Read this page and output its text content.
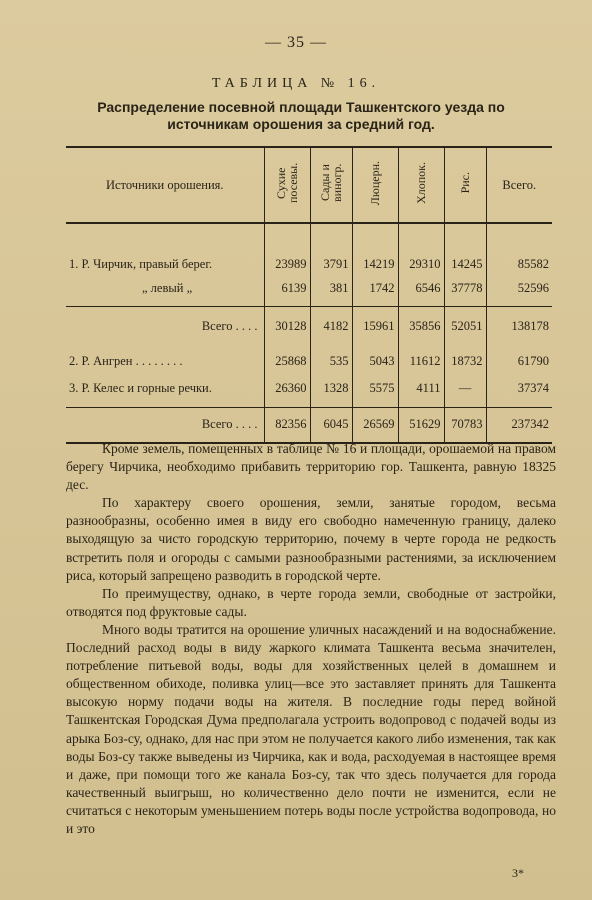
— 35 —
ТАБЛИЦА № 16.
Распределение посевной площади Ташкентского уезда по источникам орошения за средний год.
Источники орошения.	Сухие посевы.	Сады и виногр.	Люцерн.	Хлопок.	Рис.	Всего.

1. Р. Чирчик, правый берег.	23989	3791	14219	29310	14245	85582
„ левый „	6139	381	1742	6546	37778	52596

Всего . . . .	30128	4182	15961	35856	52051	138178
2. Р. Ангрен . . . . . . . .	25868	535	5043	11612	18732	61790
3. Р. Келес и горные речки.	26360	1328	5575	4111	—	37374

Всего . . . .	82356	6045	26569	51629	70783	237342

Кроме земель, помещенных в таблице № 16 и площади, орошаемой на правом берегу Чирчика, необходимо прибавить территорию гор. Ташкента, равную 18325 дес.

По характеру своего орошения, земли, занятые городом, весьма разнообразны, особенно имея в виду его свободно намеченную границу, далеко выходящую за чисто городскую территорию, почему в черте города не редкость встретить поля и огороды с самыми разнообразными растениями, за исключением риса, который запрещено разводить в городской черте.

По преимуществу, однако, в черте города земли, свободные от застройки, отводятся под фруктовые сады.

Много воды тратится на орошение уличных насаждений и на водоснабжение. Последний расход воды в виду жаркого климата Ташкента весьма значителен, потребление питьевой воды, воды для хозяйственных целей в домашнем и общественном обиходе, поливка улиц—все это заставляет принять для Ташкента высокую норму подачи воды на жителя. В последние годы перед войной Ташкентская Городская Дума предполагала устроить водопровод с подачей воды из арыка Боз-су, однако, для нас при этом не получается какого либо изменения, так как воды Боз-су также выведены из Чирчика, как и вода, расходуемая в настоящее время и даже, при помощи того же канала Боз-су, так что здесь получается для города качественный выигрыш, но количественно дело почти не изменится, если не считаться с некоторым уменьшением потерь воды после устройства водопровода, но и это

3*
